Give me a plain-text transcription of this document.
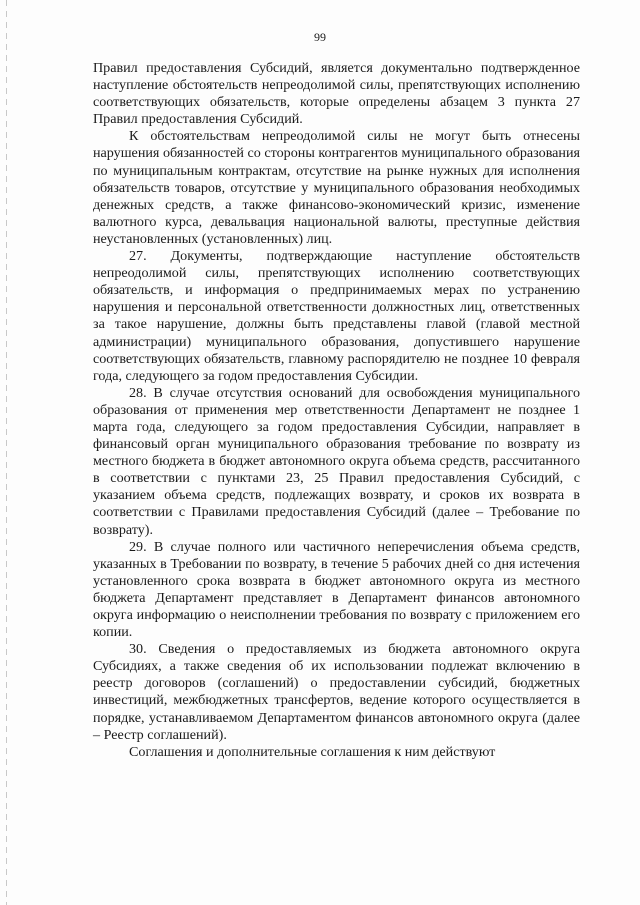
99

Правил предоставления Субсидий, является документально подтвержденное наступление обстоятельств непреодолимой силы, препятствующих исполнению соответствующих обязательств, которые определены абзацем 3 пункта 27 Правил предоставления Субсидий.

К обстоятельствам непреодолимой силы не могут быть отнесены нарушения обязанностей со стороны контрагентов муниципального образования по муниципальным контрактам, отсутствие на рынке нужных для исполнения обязательств товаров, отсутствие у муниципального образования необходимых денежных средств, а также финансово-экономический кризис, изменение валютного курса, девальвация национальной валюты, преступные действия неустановленных (установленных) лиц.

27. Документы, подтверждающие наступление обстоятельств непреодолимой силы, препятствующих исполнению соответствующих обязательств, и информация о предпринимаемых мерах по устранению нарушения и персональной ответственности должностных лиц, ответственных за такое нарушение, должны быть представлены главой (главой местной администрации) муниципального образования, допустившего нарушение соответствующих обязательств, главному распорядителю не позднее 10 февраля года, следующего за годом предоставления Субсидии.

28. В случае отсутствия оснований для освобождения муниципального образования от применения мер ответственности Департамент не позднее 1 марта года, следующего за годом предоставления Субсидии, направляет в финансовый орган муниципального образования требование по возврату из местного бюджета в бюджет автономного округа объема средств, рассчитанного в соответствии с пунктами 23, 25 Правил предоставления Субсидий, с указанием объема средств, подлежащих возврату, и сроков их возврата в соответствии с Правилами предоставления Субсидий (далее – Требование по возврату).

29. В случае полного или частичного неперечисления объема средств, указанных в Требовании по возврату, в течение 5 рабочих дней со дня истечения установленного срока возврата в бюджет автономного округа из местного бюджета Департамент представляет в Департамент финансов автономного округа информацию о неисполнении требования по возврату с приложением его копии.

30. Сведения о предоставляемых из бюджета автономного округа Субсидиях, а также сведения об их использовании подлежат включению в реестр договоров (соглашений) о предоставлении субсидий, бюджетных инвестиций, межбюджетных трансфертов, ведение которого осуществляется в порядке, устанавливаемом Департаментом финансов автономного округа (далее – Реестр соглашений).

Соглашения и дополнительные соглашения к ним действуют
